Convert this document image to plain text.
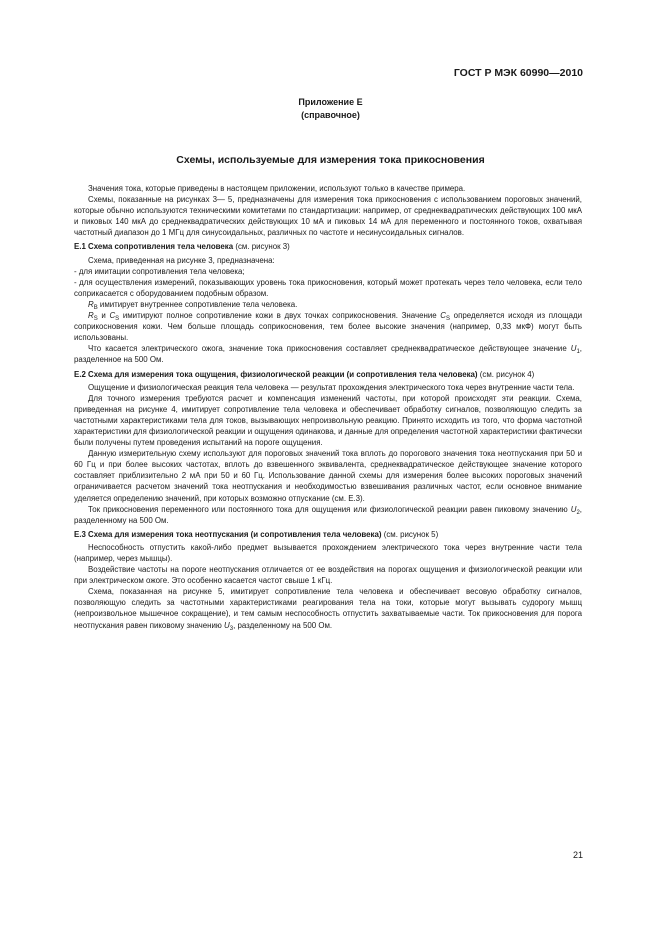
ГОСТ Р МЭК 60990—2010
Приложение Е
(справочное)
Схемы, используемые для измерения тока прикосновения

Значения тока, которые приведены в настоящем приложении, используют только в качестве примера.

Схемы, показанные на рисунках 3— 5, предназначены для измерения тока прикосновения с использованием пороговых значений, которые обычно используются техническими комитетами по стандартизации: например, от среднеквадратических действующих 100 мкА и пиковых 140 мкА до среднеквадратических действующих 10 мА и пиковых 14 мА для переменного и постоянного токов, охватывая частотный диапазон до 1 МГц для синусоидальных, различных по частоте и несинусоидальных сигналов.

Е.1 Схема сопротивления тела человека (см. рисунок 3)

Схема, приведенная на рисунке 3, предназначена:

- для имитации сопротивления тела человека;

- для осуществления измерений, показывающих уровень тока прикосновения, который может протекать через тело человека, если тело соприкасается с оборудованием подобным образом.

$R_B$ имитирует внутреннее сопротивление тела человека.

$R_S$ и $C_S$ имитируют полное сопротивление кожи в двух точках соприкосновения. Значение $C_S$ определяется исходя из площади соприкосновения кожи. Чем больше площадь соприкосновения, тем более высокие значения (например, 0,33 мкФ) могут быть использованы.

Что касается электрического ожога, значение тока прикосновения составляет среднеквадратическое действующее значение $U_1$, разделенное на 500 Ом.

Е.2 Схема для измерения тока ощущения, физиологической реакции (и сопротивления тела человека) (см. рисунок 4)

Ощущение и физиологическая реакция тела человека — результат прохождения электрического тока через внутренние части тела.

Для точного измерения требуются расчет и компенсация изменений частоты, при которой происходят эти реакции. Схема, приведенная на рисунке 4, имитирует сопротивление тела человека и обеспечивает обработку сигналов, позволяющую следить за частотными характеристиками тела для токов, вызывающих непроизвольную реакцию. Принято исходить из того, что форма частотной характеристики для физиологической реакции и ощущения одинакова, и данные для определения частотной характеристики фактически были получены путем проведения испытаний на пороге ощущения.

Данную измерительную схему используют для пороговых значений тока вплоть до порогового значения тока неотпускания при 50 и 60 Гц и при более высоких частотах, вплоть до взвешенного эквивалента, среднеквадратическое действующее значение которого составляет приблизительно 2 мА при 50 и 60 Гц. Использование данной схемы для измерения более высоких пороговых значений ограничивается расчетом значений тока неотпускания и необходимостью взвешивания различных частот, если основное внимание уделяется определению значений, при которых возможно отпускание (см. Е.3).

Ток прикосновения переменного или постоянного тока для ощущения или физиологической реакции равен пиковому значению $U_2$, разделенному на 500 Ом.

Е.3 Схема для измерения тока неотпускания (и сопротивления тела человека) (см. рисунок 5)

Неспособность отпустить какой-либо предмет вызывается прохождением электрического тока через внутренние части тела (например, через мышцы).

Воздействие частоты на пороге неотпускания отличается от ее воздействия на порогах ощущения и физиологической реакции или при электрическом ожоге. Это особенно касается частот свыше 1 кГц.

Схема, показанная на рисунке 5, имитирует сопротивление тела человека и обеспечивает весовую обработку сигналов, позволяющую следить за частотными характеристиками реагирования тела на токи, которые могут вызывать судорогу мышц (непроизвольное мышечное сокращение), и тем самым неспособность отпустить захватываемые части. Ток прикосновения для порога неотпускания равен пиковому значению $U_3$, разделенному на 500 Ом.

21
